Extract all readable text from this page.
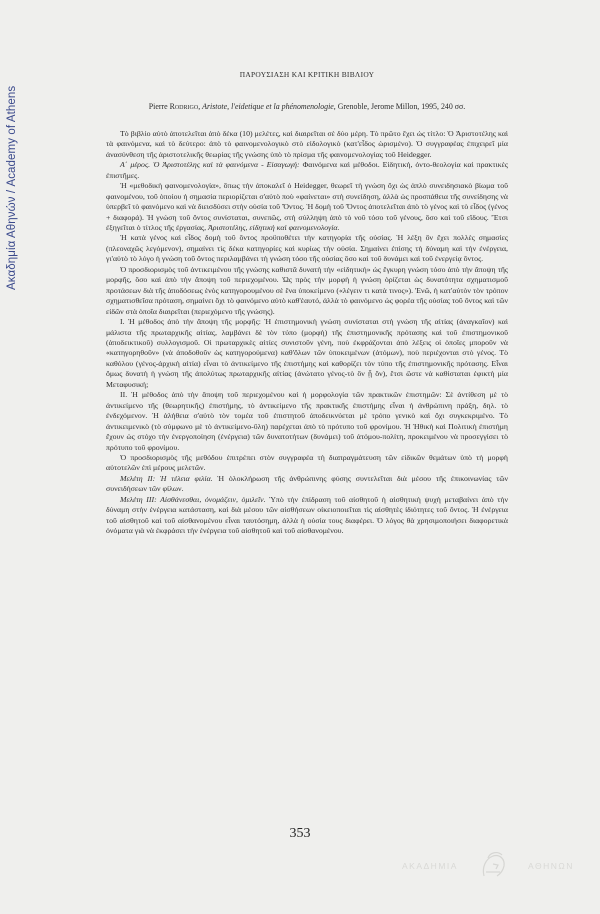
Ακαδημία Αθηνών / Academy of Athens
ΠΑΡΟΥΣΙΑΣΗ ΚΑΙ ΚΡΙΤΙΚΗ ΒΙΒΛΙΟΥ
Pierre Rodrigo, Aristote, l'eidetique et la phénomenologie, Grenoble, Jerome Millon, 1995, 240 σσ.

Τὸ βιβλίο αὐτὸ ἀποτελεῖται ἀπὸ δέκα (10) μελέτες, καὶ διαιρεῖται σὲ δύο μέρη. Τὸ πρῶτο ἔχει ὡς τίτλο: Ὁ Ἀριστοτέλης καὶ τὰ φαινόμενα, καὶ τὸ δεύτερο: ἀπὸ τὸ φαινομενολογικὸ στὸ εἰδολογικὸ (κατ'εἶδος ὡρισμένο). Ὁ συγγραφέας ἐπιχειρεῖ μία ἀνασύνθεση τῆς ἀριστοτελικῆς θεωρίας τῆς γνώσης ὑπὸ τὸ πρίσμα τῆς φαινομενολογίας τοῦ Heidegger.

Α΄ μέρος. Ὁ Ἀριστοτέλης καὶ τὰ φαινόμενα - Εἰσαγωγή: Φαινόμενα καὶ μέθοδοι. Εἰδητική, ὀντο-θεολογία καὶ πρακτικὲς ἐπιστῆμες.

Ἡ «μεθοδικὴ φαινομενολογία», ὅπως τὴν ἀποκαλεῖ ὁ Heidegger, θεωρεῖ τὴ γνώση ὄχι ὡς ἁπλὸ συνειδησιακὸ βίωμα τοῦ φαινομένου, τοῦ ὁποίου ἡ σημασία περιορίζεται σ'αὐτὸ ποὺ «φαίνεται» στὴ συνείδηση, ἀλλὰ ὡς προσπάθεια τῆς συνείδησης νὰ ὑπερβεῖ τὸ φαινόμενο καὶ νὰ διεισδύσει στὴν οὐσία τοῦ Ὄντος. Ἡ δομὴ τοῦ Ὄντος ἀποτελεῖται ἀπὸ τὸ γένος καὶ τὸ εἶδος (γένος + διαφορά). Ἡ γνώση τοῦ ὄντος συνίσταται, συνεπῶς, στὴ σύλληψη ἀπὸ τὸ νοῦ τόσο τοῦ γένους, ὅσο καὶ τοῦ εἴδους. Ἔτσι ἐξηγεῖται ὁ τίτλος τῆς ἐργασίας, Ἀριστοτέλης, εἰδητικὴ καὶ φαινομενολογία.

Ἡ κατὰ γένος καὶ εἶδος δομὴ τοῦ ὄντος προϋποθέτει τὴν κατηγορία τῆς οὐσίας. Ἡ λέξη ὂν ἔχει πολλὲς σημασίες (πλεοναχῶς λεγόμενον), σημαίνει τὶς δέκα κατηγορίες καὶ κυρίως τὴν οὐσία. Σημαίνει ἐπίσης τὴ δύναμη καὶ τὴν ἐνέργεια, γι'αὐτὸ τὸ λόγο ἡ γνώση τοῦ ὄντος περιλαμβάνει τὴ γνώση τόσο τῆς οὐσίας ὅσο καὶ τοῦ δυνάμει καὶ τοῦ ἐνεργείᾳ ὄντος.

Ὁ προσδιορισμὸς τοῦ ἀντικειμένου τῆς γνώσης καθιστᾶ δυνατὴ τὴν «εἰδητική» ὡς ἔγκυρη γνώση τόσο ἀπὸ τὴν ἄποψη τῆς μορφῆς, ὅσο καὶ ἀπὸ τὴν ἄποψη τοῦ περιεχομένου. Ὡς πρὸς τὴν μορφὴ ἡ γνώση ὁρίζεται ὡς δυνατότητα σχηματισμοῦ προτάσεων διὰ τῆς ἀποδόσεως ἑνὸς κατηγορουμένου σὲ ἕνα ὑποκείμενο («λέγειν τι κατὰ τινος»). Ἐνῶ, ἡ κατ'αὐτὸν τὸν τρόπον σχηματισθεῖσα πρόταση, σημαίνει ὄχι τὸ φαινόμενο αὐτὸ καθ'ἑαυτό, ἀλλὰ τὸ φαινόμενο ὡς φορέα τῆς οὐσίας τοῦ ὄντος καὶ τῶν εἰδῶν στὰ ὁποῖα διαιρεῖται (περιεχόμενο τῆς γνώσης).

Ι. Ἡ μέθοδος ἀπὸ τὴν ἄποψη τῆς μορφῆς: Ἡ ἐπιστημονικὴ γνώση συνίσταται στὴ γνώση τῆς αἰτίας (ἀναγκαῖον) καὶ μάλιστα τῆς πρωταρχικῆς αἰτίας, λαμβάνει δὲ τὸν τύπο (μορφὴ) τῆς ἐπιστημονικῆς πρότασης καὶ τοῦ ἐπιστημονικοῦ (ἀποδεικτικοῦ) συλλογισμοῦ. Οἱ πρωταρχικὲς αἰτίες συνιστοῦν γένη, ποὺ ἐκφράζονται ἀπὸ λέξεις οἱ ὁποῖες μποροῦν νὰ «κατηγορηθοῦν» (νὰ ἀποδοθοῦν ὡς κατηγορούμενα) καθ'ὅλων τῶν ὑποκειμένων (ἀτόμων), ποὺ περιέχονται στὸ γένος. Τὸ καθόλου (γένος-ἀρχικὴ αἰτία) εἶναι τὸ ἀντικείμενο τῆς ἐπιστήμης καὶ καθορίζει τὸν τύπο τῆς ἐπιστημονικῆς πρότασης. Εἶναι ὅμως δυνατὴ ἡ γνώση τῆς ἀπολύτως πρωταρχικῆς αἰτίας (ἀνώτατο γένος-τὸ ὂν ᾗ ὄν), ἔτσι ὥστε νὰ καθίσταται ἐφικτὴ μία Μεταφυσική;

ΙΙ. Ἡ μέθοδος ἀπὸ τὴν ἄποψη τοῦ περιεχομένου καὶ ἡ μορφολογία τῶν πρακτικῶν ἐπιστημῶν: Σὲ ἀντίθεση μὲ τὸ ἀντικείμενο τῆς (θεωρητικῆς) ἐπιστήμης, τὸ ἀντικείμενο τῆς πρακτικῆς ἐπιστήμης εἶναι ἡ ἀνθρώπινη πράξη, δηλ. τὸ ἐνδεχόμενον. Ἡ ἀλήθεια σ'αὐτὸ τὸν τομέα τοῦ ἐπιστητοῦ ἀποδεικνύεται μὲ τρόπο γενικὸ καὶ ὄχι συγκεκριμένο. Τὸ ἀντικειμενικὸ (τὸ σύμφωνο μὲ τὸ ἀντικείμενο-ὕλη) παρέχεται ἀπὸ τὸ πρότυπο τοῦ φρονίμου. Ἡ Ἠθικὴ καὶ Πολιτικὴ ἐπιστήμη ἔχουν ὡς στόχο τὴν ἐνεργοποίηση (ἐνέργεια) τῶν δυνατοτήτων (δυνάμει) τοῦ ἀτόμου-πολίτη, προκειμένου νὰ προσεγγίσει τὸ πρότυπο τοῦ φρονίμου.

Ὁ προσδιορισμὸς τῆς μεθόδου ἐπιτρέπει στὸν συγγραφέα τὴ διαπραγμάτευση τῶν εἰδικῶν θεμάτων ὑπὸ τὴ μορφὴ αὐτοτελῶν ἐπὶ μέρους μελετῶν.

Μελέτη ΙΙ: Ἡ τέλεια φιλία. Ἡ ὁλοκλήρωση τῆς ἀνθρώπινης φύσης συντελεῖται διὰ μέσου τῆς ἐπικοινωνίας τῶν συνειδήσεων τῶν φίλων.

Μελέτη ΙΙΙ: Αἰσθάνεσθαι, ὀνομάζειν, ὁμιλεῖν. Ὑπὸ τὴν ἐπίδραση τοῦ αἰσθητοῦ ἡ αἰσθητικὴ ψυχὴ μεταβαίνει ἀπὸ τὴν δύναμη στὴν ἐνέργεια κατάσταση, καὶ διὰ μέσου τῶν αἰσθήσεων οἰκειοποιεῖται τὶς αἰσθητὲς ἰδιότητες τοῦ ὄντος. Ἡ ἐνέργεια τοῦ αἰσθητοῦ καὶ τοῦ αἰσθανομένου εἶναι ταυτόσημη, ἀλλὰ ἡ οὐσία τους διαφέρει. Ὁ λόγος θὰ χρησιμοποιήσει διαφορετικὰ ὀνόματα γιὰ νὰ ἐκφράσει τὴν ἐνέργεια τοῦ αἰσθητοῦ καὶ τοῦ αἰσθανομένου.

353
ΑΚΑΔΗΜΙΑ	ΑΘΗΝΩΝ
